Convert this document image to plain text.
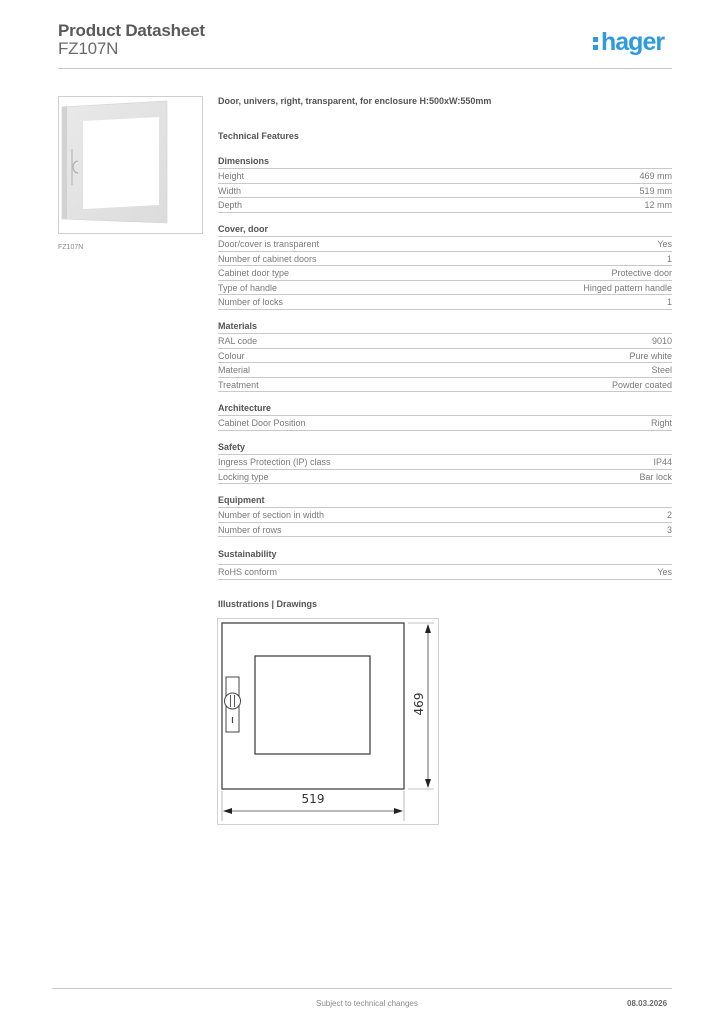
Product Datasheet
FZ107N	hager
FZ107N
Door, univers, right, transparent, for enclosure H:500xW:550mm
Technical Features
Dimensions
Height	469 mm
Width	519 mm
Depth	12 mm
Cover, door
Door/cover is transparent	Yes
Number of cabinet doors	1
Cabinet door type	Protective door
Type of handle	Hinged pattern handle
Number of locks	1
Materials
RAL code	9010
Colour	Pure white
Material	Steel
Treatment	Powder coated
Architecture
Cabinet Door Position	Right
Safety
Ingress Protection (IP) class	IP44
Locking type	Bar lock
Equipment
Number of section in width	2
Number of rows	3
Sustainability
RoHS conform	Yes
Illustrations | Drawings
469
519
Subject to technical changes	08.03.2026
